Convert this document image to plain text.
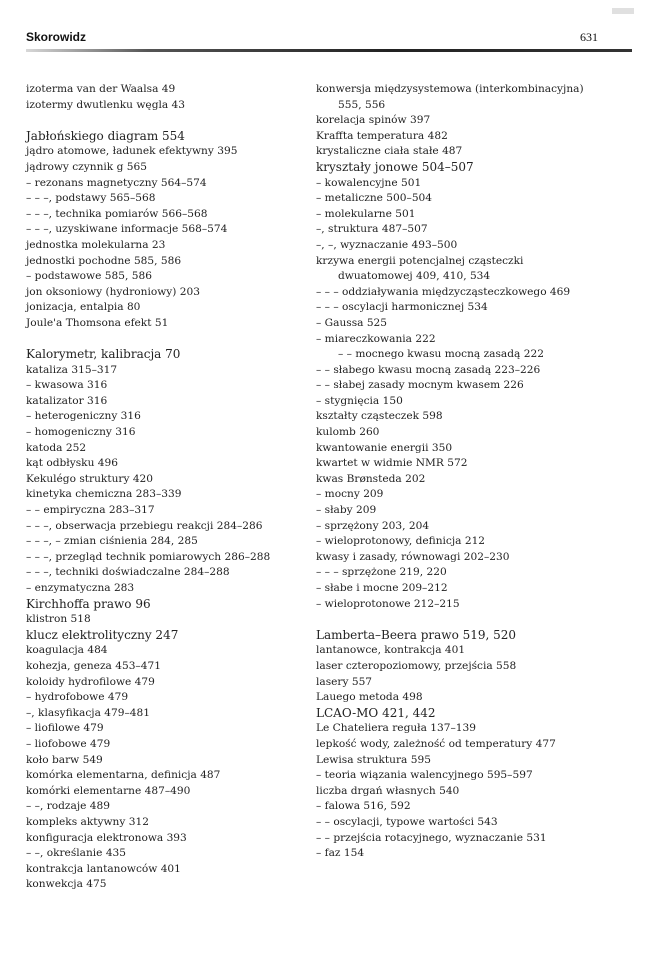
Skorowidz	631
izoterma van der Waalsa 49
izotermy dwutlenku węgla 43
Jabłońskiego diagram 554
jądro atomowe, ładunek efektywny 395
jądrowy czynnik g 565
– rezonans magnetyczny 564–574
– – –, podstawy 565–568
– – –, technika pomiarów 566–568
– – –, uzyskiwane informacje 568–574
jednostka molekularna 23
jednostki pochodne 585, 586
– podstawowe 585, 586
jon oksoniowy (hydroniowy) 203
jonizacja, entalpia 80
Joule'a Thomsona efekt 51
Kalorymetr, kalibracja 70
kataliza 315–317
– kwasowa 316
katalizator 316
– heterogeniczny 316
– homogeniczny 316
katoda 252
kąt odbłysku 496
Kekulégo struktury 420
kinetyka chemiczna 283–339
– – empiryczna 283–317
– – –, obserwacja przebiegu reakcji 284–286
– – –, – zmian ciśnienia 284, 285
– – –, przegląd technik pomiarowych 286–288
– – –, techniki doświadczalne 284–288
– enzymatyczna 283
Kirchhoffa prawo 96
klistron 518
klucz elektrolityczny 247
koagulacja 484
kohezja, geneza 453–471
koloidy hydrofilowe 479
– hydrofobowe 479
–, klasyfikacja 479–481
– liofilowe 479
– liofobowe 479
koło barw 549
komórka elementarna, definicja 487
komórki elementarne 487–490
– –, rodzaje 489
kompleks aktywny 312
konfiguracja elektronowa 393
– –, określanie 435
kontrakcja lantanowców 401
konwekcja 475
konwersja międzysystemowa (interkombinacyjna) 555, 556
korelacja spinów 397
Kraffta temperatura 482
krystaliczne ciała stałe 487
kryształy jonowe 504–507
– kowalencyjne 501
– metaliczne 500–504
– molekularne 501
–, struktura 487–507
–, –, wyznaczanie 493–500
krzywa energii potencjalnej cząsteczki dwuatomowej 409, 410, 534
– – – oddziaływania międzycząsteczkowego 469
– – – oscylacji harmonicznej 534
– Gaussa 525
– miareczkowania 222
– – mocnego kwasu mocną zasadą 222
– – słabego kwasu mocną zasadą 223–226
– – słabej zasady mocnym kwasem 226
– stygnięcia 150
kształty cząsteczek 598
kulomb 260
kwantowanie energii 350
kwartet w widmie NMR 572
kwas Brønsteda 202
– mocny 209
– słaby 209
– sprzężony 203, 204
– wieloprotonowy, definicja 212
kwasy i zasady, równowagi 202–230
– – – sprzężone 219, 220
– słabe i mocne 209–212
– wieloprotonowe 212–215
Lamberta–Beera prawo 519, 520
lantanowce, kontrakcja 401
laser czteropoziomowy, przejścia 558
lasery 557
Lauego metoda 498
LCAO-MO 421, 442
Le Chateliera reguła 137–139
lepkość wody, zależność od temperatury 477
Lewisa struktura 595
– teoria wiązania walencyjnego 595–597
liczba drgań własnych 540
– falowa 516, 592
– – oscylacji, typowe wartości 543
– – przejścia rotacyjnego, wyznaczanie 531
– faz 154
